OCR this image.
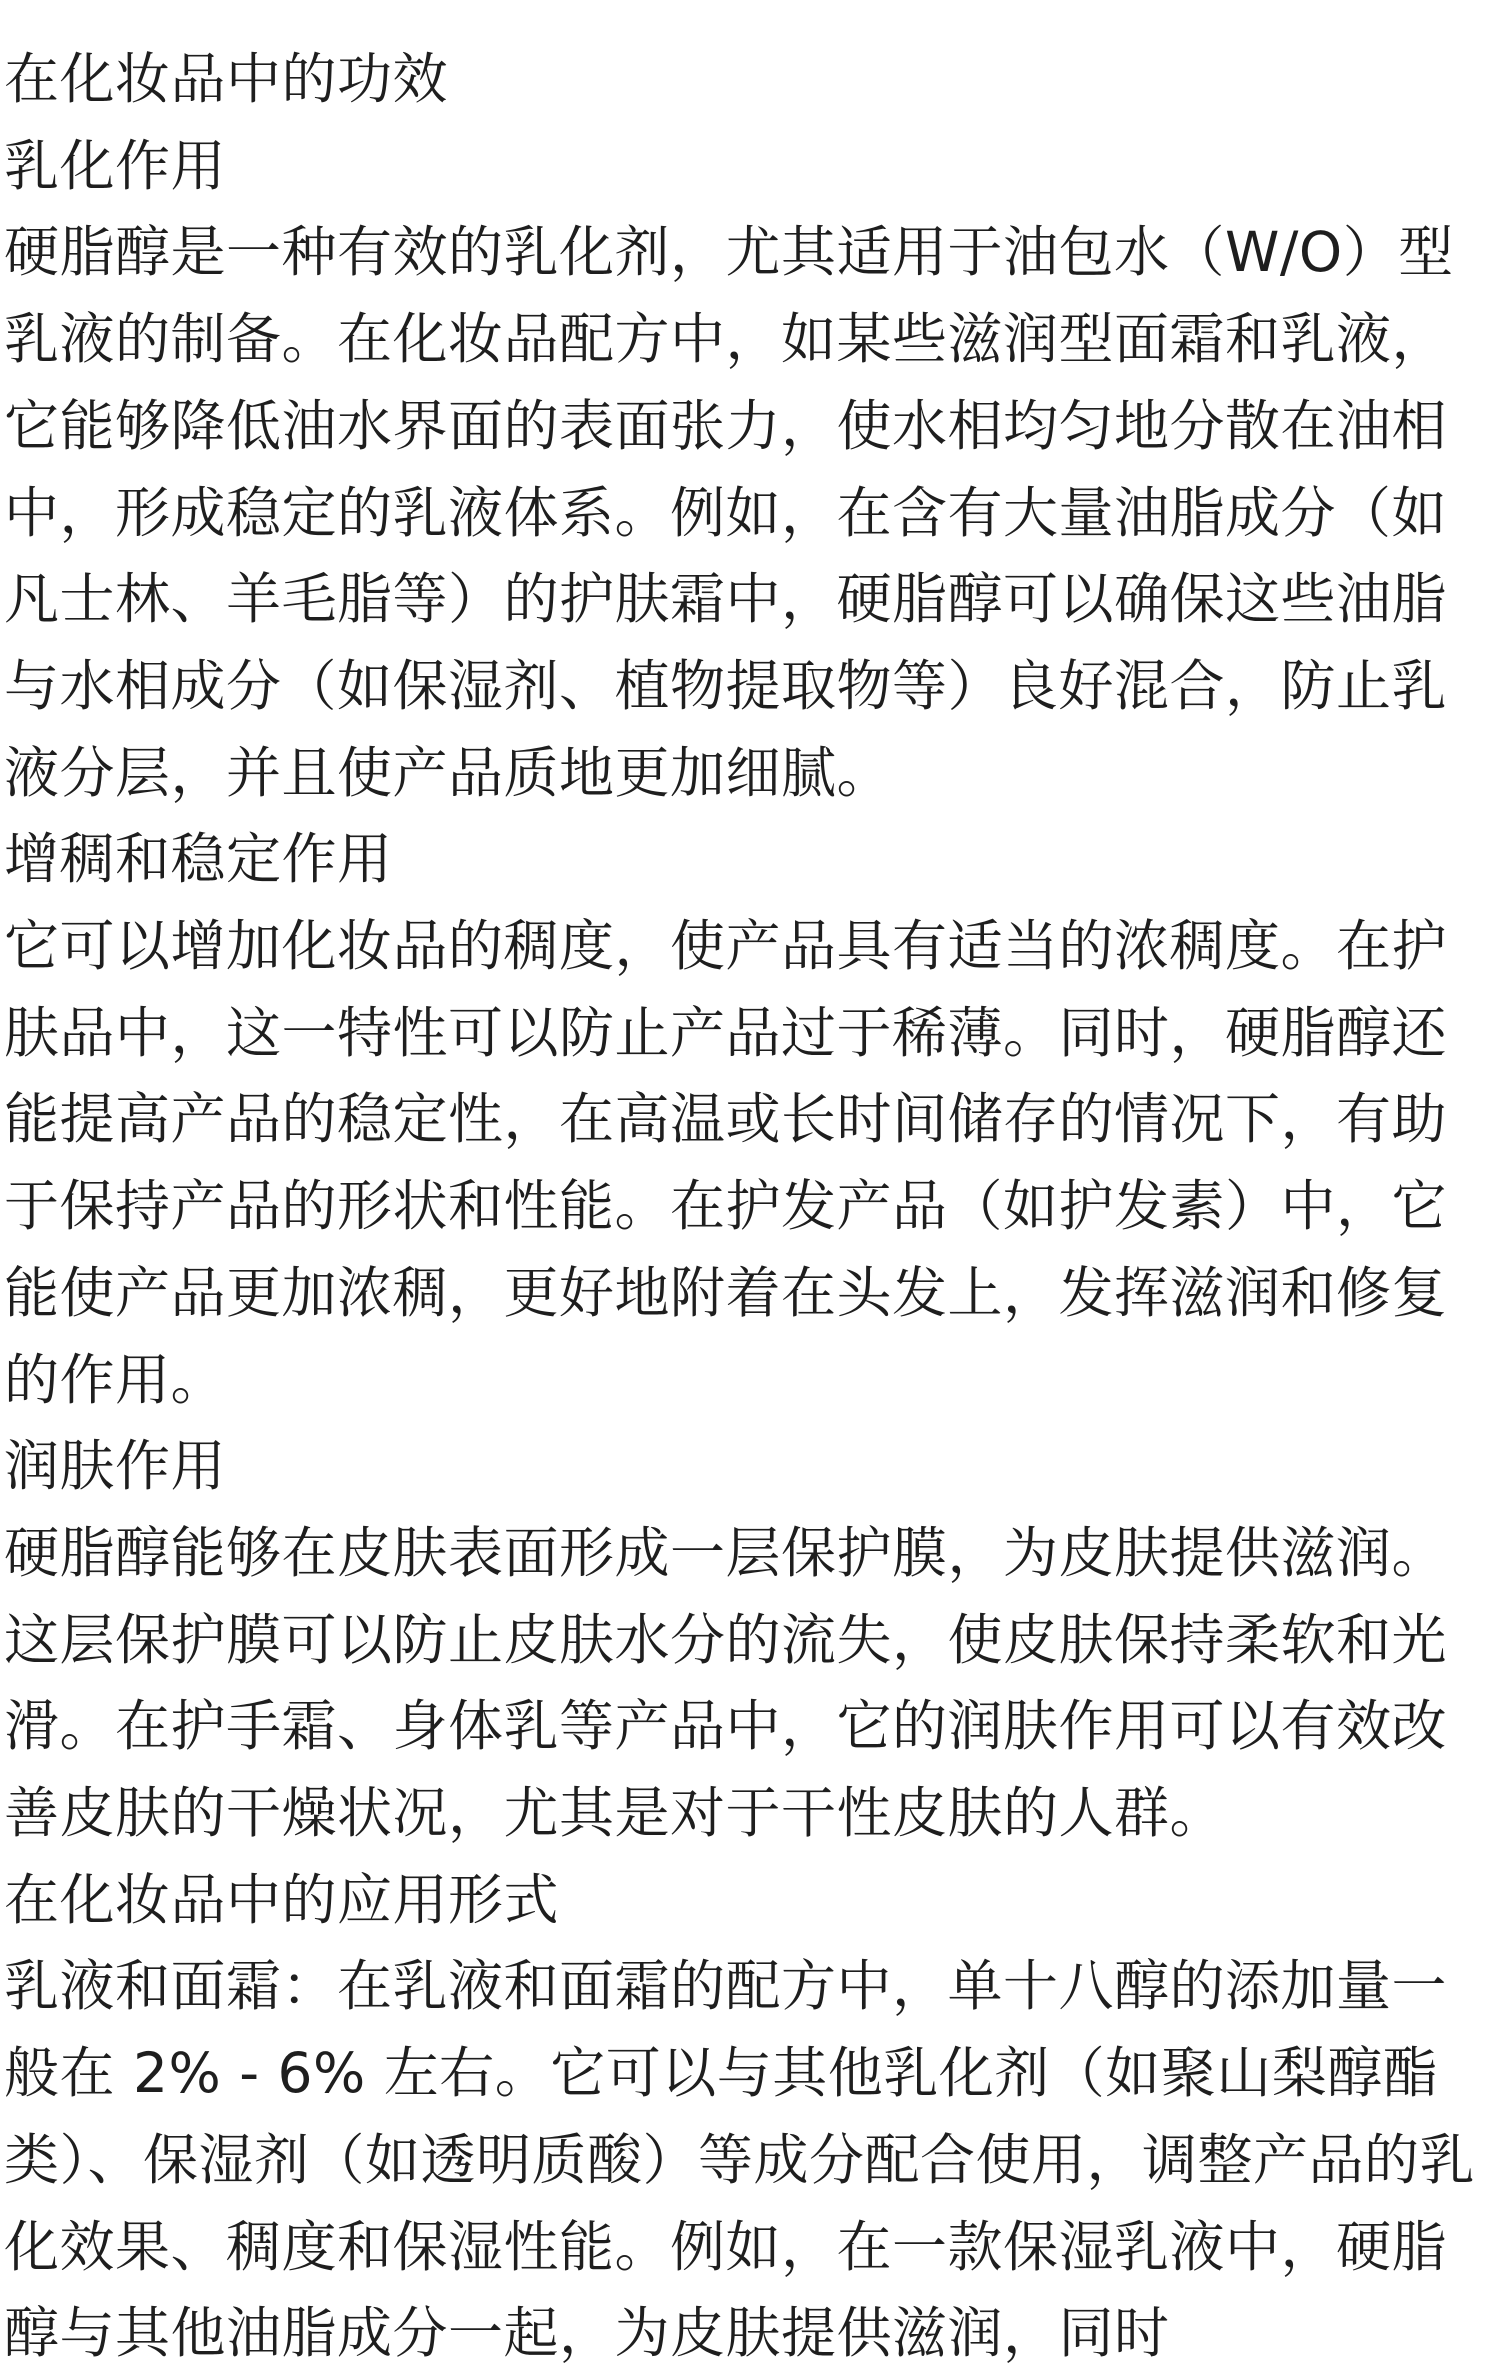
在化妆品中的功效

乳化作用

硬脂醇是一种有效的乳化剂，尤其适用于油包水（W/O）型乳液的制备。在化妆品配方中，如某些滋润型面霜和乳液，它能够降低油水界面的表面张力，使水相均匀地分散在油相中，形成稳定的乳液体系。例如，在含有大量油脂成分（如凡士林、羊毛脂等）的护肤霜中，硬脂醇可以确保这些油脂与水相成分（如保湿剂、植物提取物等）良好混合，防止乳液分层，并且使产品质地更加细腻。

增稠和稳定作用

它可以增加化妆品的稠度，使产品具有适当的浓稠度。在护肤品中，这一特性可以防止产品过于稀薄。同时，硬脂醇还能提高产品的稳定性，在高温或长时间储存的情况下，有助于保持产品的形状和性能。在护发产品（如护发素）中，它能使产品更加浓稠，更好地附着在头发上，发挥滋润和修复的作用。

润肤作用

硬脂醇能够在皮肤表面形成一层保护膜，为皮肤提供滋润。这层保护膜可以防止皮肤水分的流失，使皮肤保持柔软和光滑。在护手霜、身体乳等产品中，它的润肤作用可以有效改善皮肤的干燥状况，尤其是对于干性皮肤的人群。

在化妆品中的应用形式

乳液和面霜：在乳液和面霜的配方中，单十八醇的添加量一般在 2% - 6% 左右。它可以与其他乳化剂（如聚山梨醇酯类）、保湿剂（如透明质酸）等成分配合使用，调整产品的乳化效果、稠度和保湿性能。例如，在一款保湿乳液中，硬脂醇与其他油脂成分一起，为皮肤提供滋润，同时
